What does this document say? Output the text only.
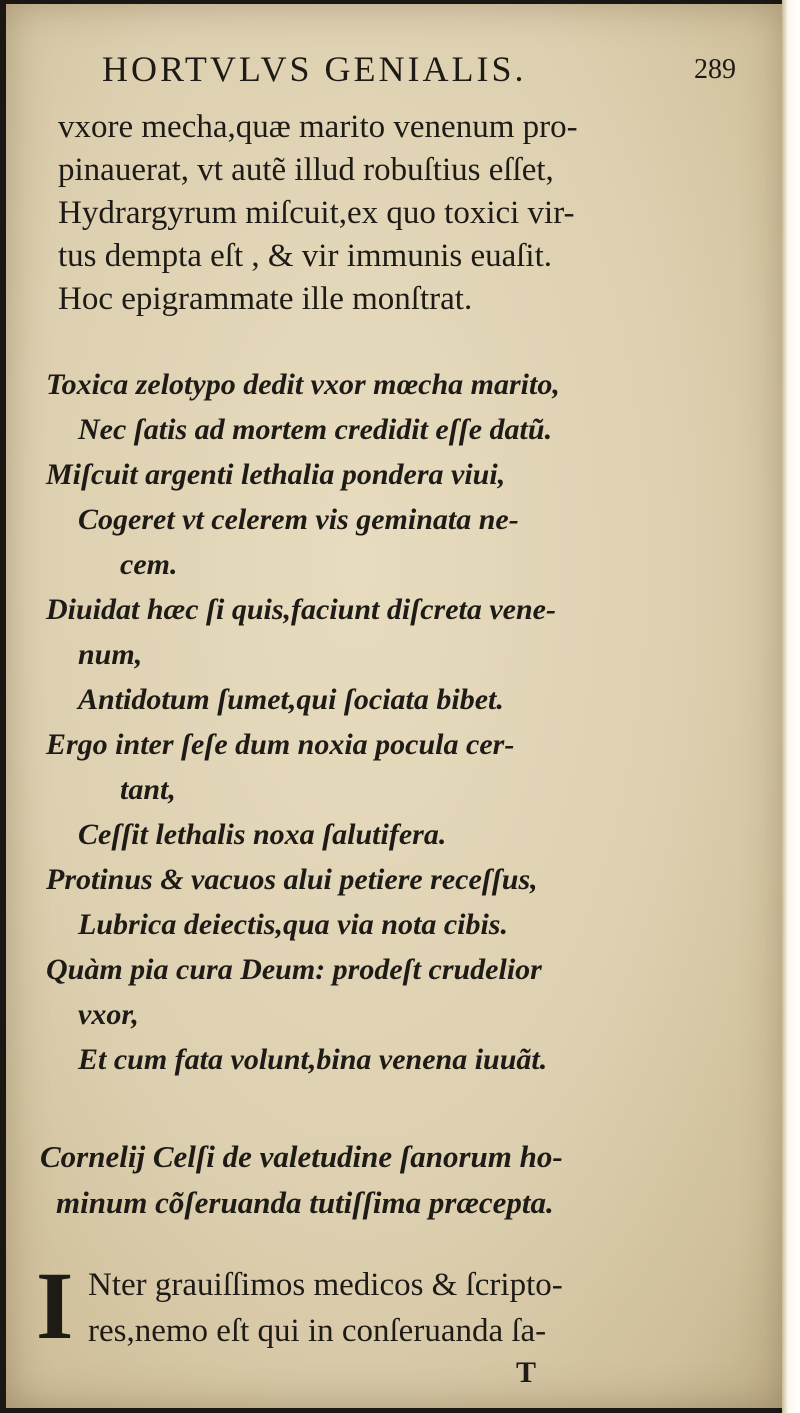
HORTVLVS GENIALIS.	289
vxore mecha,quæ marito venenum pro-
pinauerat, vt autẽ illud robuſtius eſſet,
Hydrargyrum miſcuit,ex quo toxici vir-
tus dempta eſt , & vir immunis euaſit.
Hoc epigrammate ille monſtrat.
Toxica zelotypo dedit vxor mœcha marito,
Nec ſatis ad mortem credidit eſſe datũ.
Miſcuit argenti lethalia pondera viui,
Cogeret vt celerem vis geminata ne-
cem.
Diuidat hæc ſi quis,faciunt diſcreta vene-
num,
Antidotum ſumet,qui ſociata bibet.
Ergo inter ſeſe dum noxia pocula cer-
tant,
Ceſſit lethalis noxa ſalutifera.
Protinus & vacuos alui petiere receſſus,
Lubrica deiectis,qua via nota cibis.
Quàm pia cura Deum: prodeſt crudelior
vxor,
Et cum fata volunt,bina venena iuuãt.
Cornelij Celſi de valetudine ſanorum ho-
minum cõſeruanda tutiſſima præcepta.
I Nter grauiſſimos medicos & ſcripto-
res,nemo eſt qui in conſeruanda ſa-
T
